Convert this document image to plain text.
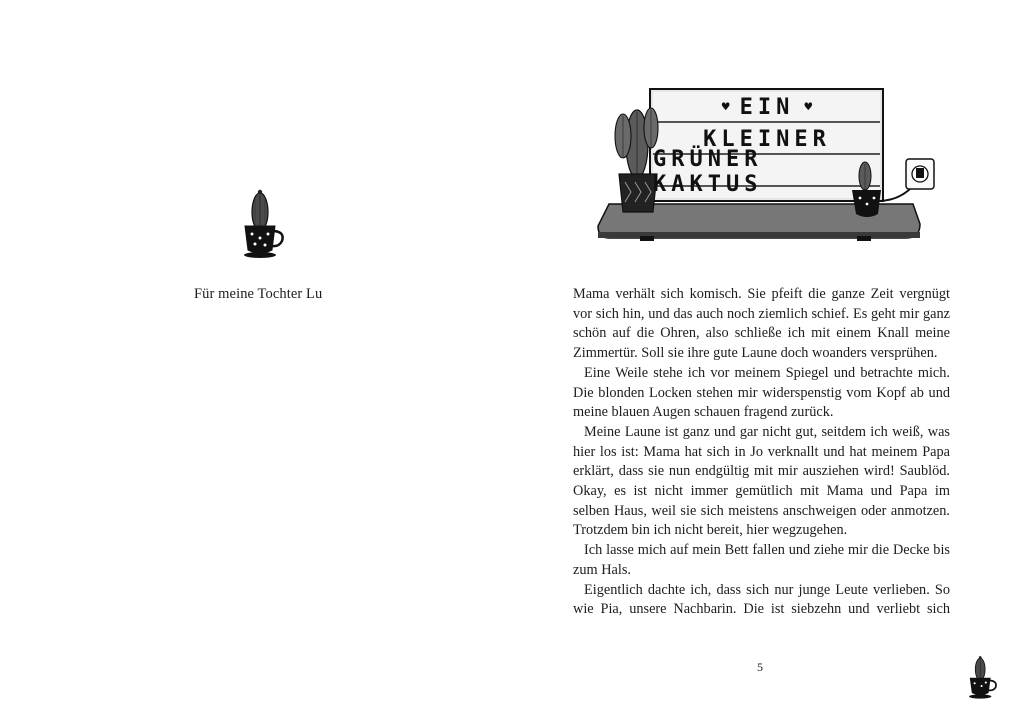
Für meine Tochter Lu

♥ EIN ♥
KLEINER
GRÜNER KAKTUS

Mama verhält sich komisch. Sie pfeift die ganze Zeit vergnügt vor sich hin, und das auch noch ziemlich schief. Es geht mir ganz schön auf die Ohren, also schließe ich mit einem Knall meine Zimmertür. Soll sie ihre gute Laune doch woanders versprühen.

Eine Weile stehe ich vor meinem Spiegel und betrachte mich. Die blonden Locken stehen mir widerspenstig vom Kopf ab und meine blauen Augen schauen fragend zurück.

Meine Laune ist ganz und gar nicht gut, seitdem ich weiß, was hier los ist: Mama hat sich in Jo verknallt und hat meinem Papa erklärt, dass sie nun endgültig mit mir ausziehen wird! Saublöd. Okay, es ist nicht immer gemütlich mit Mama und Papa im selben Haus, weil sie sich meistens anschweigen oder anmotzen. Trotzdem bin ich nicht bereit, hier wegzugehen.

Ich lasse mich auf mein Bett fallen und ziehe mir die Decke bis zum Hals.

Eigentlich dachte ich, dass sich nur junge Leute verlieben. So wie Pia, unsere Nachbarin. Die ist siebzehn und verliebt sich

5
